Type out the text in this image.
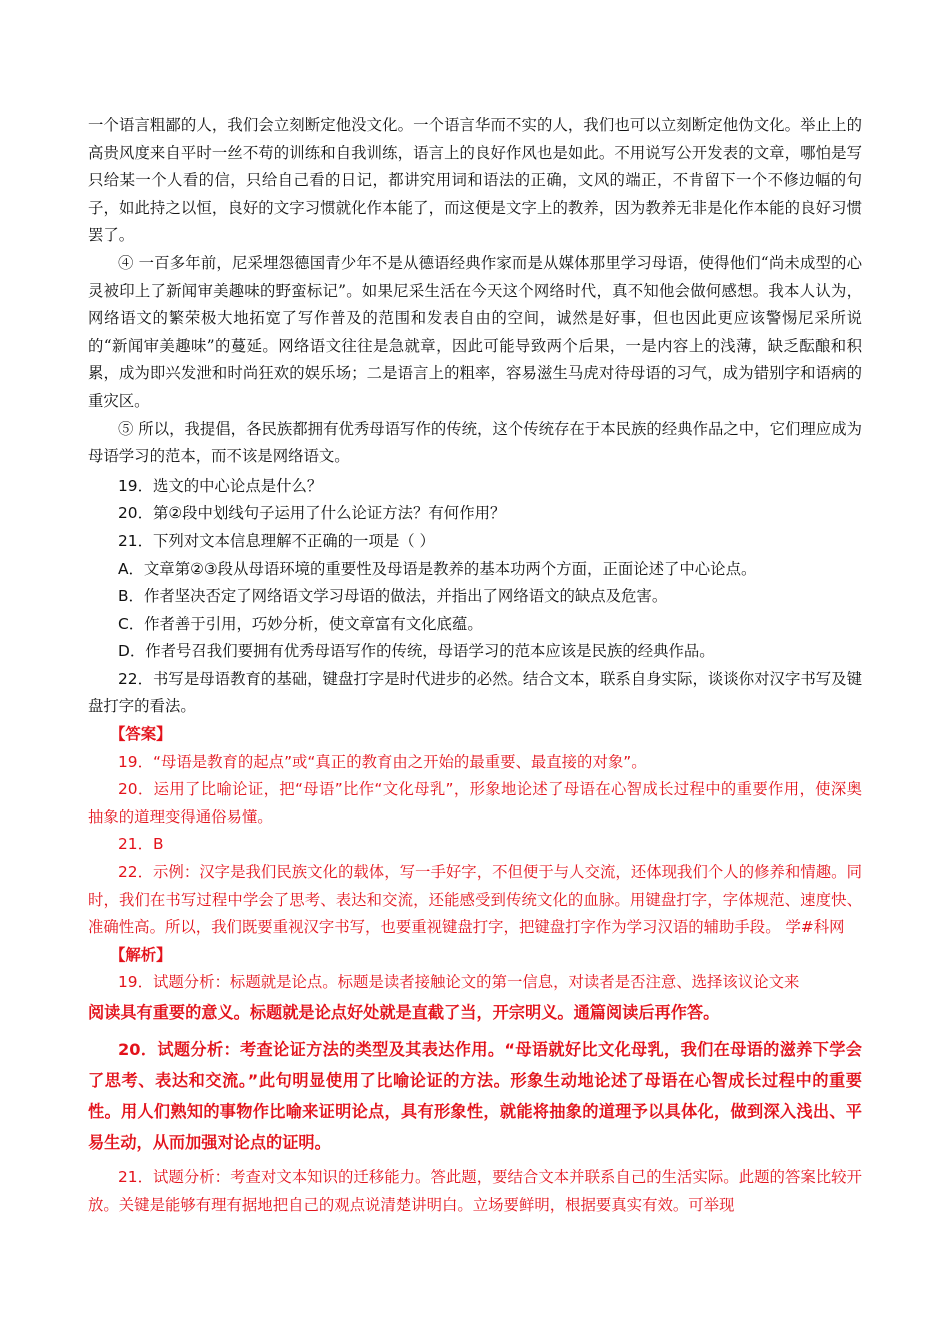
一个语言粗鄙的人，我们会立刻断定他没文化。一个语言华而不实的人，我们也可以立刻断定他伪文化。举止上的高贵风度来自平时一丝不苟的训练和自我训练，语言上的良好作风也是如此。不用说写公开发表的文章，哪怕是写只给某一个人看的信，只给自己看的日记，都讲究用词和语法的正确，文风的端正，不肯留下一个不修边幅的句子，如此持之以恒，良好的文字习惯就化作本能了，而这便是文字上的教养，因为教养无非是化作本能的良好习惯罢了。

④ 一百多年前，尼采埋怨德国青少年不是从德语经典作家而是从媒体那里学习母语，使得他们“尚未成型的心灵被印上了新闻审美趣味的野蛮标记”。如果尼采生活在今天这个网络时代，真不知他会做何感想。我本人认为，网络语文的繁荣极大地拓宽了写作普及的范围和发表自由的空间，诚然是好事，但也因此更应该警惕尼采所说的“新闻审美趣味”的蔓延。网络语文往往是急就章，因此可能导致两个后果，一是内容上的浅薄，缺乏酝酿和积累，成为即兴发泄和时尚狂欢的娱乐场；二是语言上的粗率，容易滋生马虎对待母语的习气，成为错别字和语病的重灾区。

⑤ 所以，我提倡，各民族都拥有优秀母语写作的传统，这个传统存在于本民族的经典作品之中，它们理应成为母语学习的范本，而不该是网络语文。

19．选文的中心论点是什么？

20．第②段中划线句子运用了什么论证方法？有何作用？

21．下列对文本信息理解不正确的一项是（ ）

A．文章第②③段从母语环境的重要性及母语是教养的基本功两个方面，正面论述了中心论点。

B．作者坚决否定了网络语文学习母语的做法，并指出了网络语文的缺点及危害。

C．作者善于引用，巧妙分析，使文章富有文化底蕴。

D．作者号召我们要拥有优秀母语写作的传统，母语学习的范本应该是民族的经典作品。

22．书写是母语教育的基础，键盘打字是时代进步的必然。结合文本，联系自身实际，谈谈你对汉字书写及键盘打字的看法。

【答案】

19．“母语是教育的起点”或“真正的教育由之开始的最重要、最直接的对象”。

20．运用了比喻论证，把“母语”比作“文化母乳”，形象地论述了母语在心智成长过程中的重要作用，使深奥抽象的道理变得通俗易懂。

21．B

22．示例：汉字是我们民族文化的载体，写一手好字，不但便于与人交流，还体现我们个人的修养和情趣。同时，我们在书写过程中学会了思考、表达和交流，还能感受到传统文化的血脉。用键盘打字，字体规范、速度快、准确性高。所以，我们既要重视汉字书写，也要重视键盘打字，把键盘打字作为学习汉语的辅助手段。 学#科网

【解析】

19．试题分析：标题就是论点。标题是读者接触论文的第一信息，对读者是否注意、选择该议论文来

阅读具有重要的意义。标题就是论点好处就是直截了当，开宗明义。通篇阅读后再作答。

20．试题分析：考查论证方法的类型及其表达作用。“母语就好比文化母乳，我们在母语的滋养下学会了思考、表达和交流。”此句明显使用了比喻论证的方法。形象生动地论述了母语在心智成长过程中的重要性。用人们熟知的事物作比喻来证明论点，具有形象性，就能将抽象的道理予以具体化，做到深入浅出、平易生动，从而加强对论点的证明。

21．试题分析：考查对文本知识的迁移能力。答此题，要结合文本并联系自己的生活实际。此题的答案比较开放。关键是能够有理有据地把自己的观点说清楚讲明白。立场要鲜明，根据要真实有效。可举现
